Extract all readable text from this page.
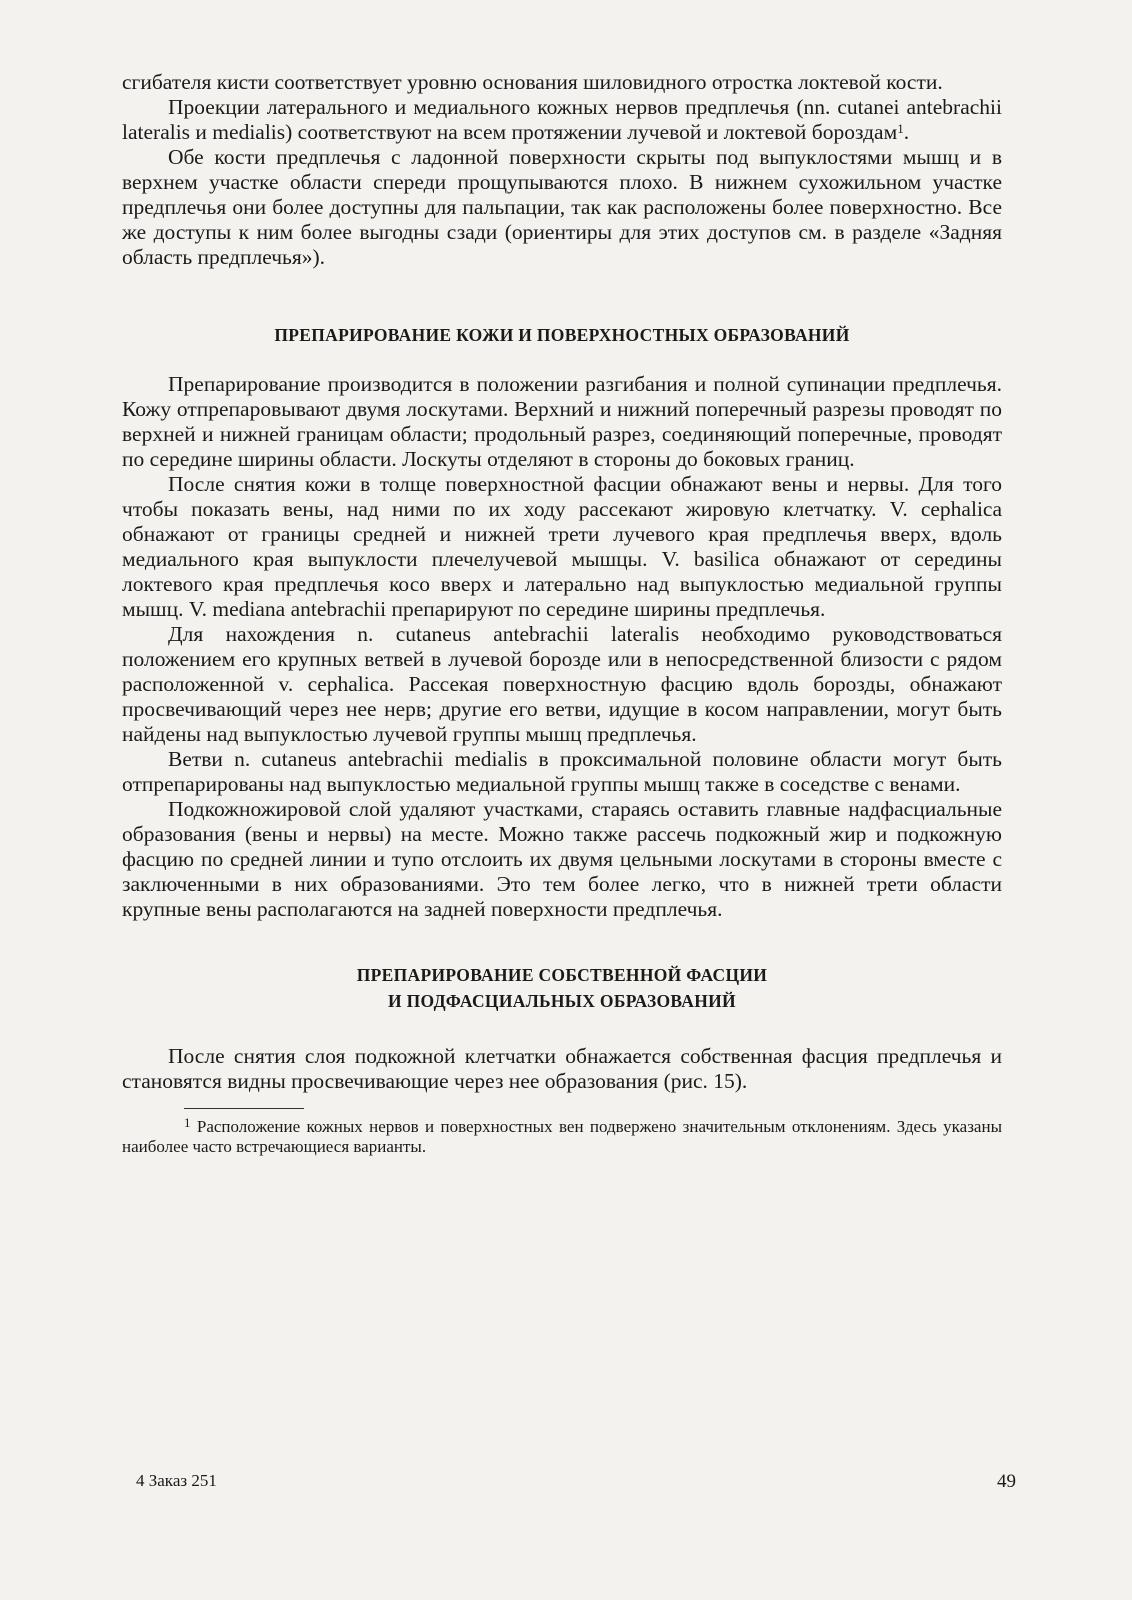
сгибателя кисти соответствует уровню основания шиловидного отростка локтевой кости.

Проекции латерального и медиального кожных нервов предплечья (nn. cutanei antebrachii lateralis и medialis) соответствуют на всем протяжении лучевой и локтевой бороздам$^1$.

Обе кости предплечья с ладонной поверхности скрыты под выпуклостями мышц и в верхнем участке области спереди прощупываются плохо. В нижнем сухожильном участке предплечья они более доступны для пальпации, так как расположены более поверхностно. Все же доступы к ним более выгодны сзади (ориентиры для этих доступов см. в разделе «Задняя область предплечья»).

ПРЕПАРИРОВАНИЕ КОЖИ И ПОВЕРХНОСТНЫХ ОБРАЗОВАНИЙ

Препарирование производится в положении разгибания и полной супинации предплечья. Кожу отпрепаровывают двумя лоскутами. Верхний и нижний поперечный разрезы проводят по верхней и нижней границам области; продольный разрез, соединяющий поперечные, проводят по середине ширины области. Лоскуты отделяют в стороны до боковых границ.

После снятия кожи в толще поверхностной фасции обнажают вены и нервы. Для того чтобы показать вены, над ними по их ходу рассекают жировую клетчатку. V. cephalica обнажают от границы средней и нижней трети лучевого края предплечья вверх, вдоль медиального края выпуклости плечелучевой мышцы. V. basilica обнажают от середины локтевого края предплечья косо вверх и латерально над выпуклостью медиальной группы мышц. V. mediana antebrachii препарируют по середине ширины предплечья.

Для нахождения n. cutaneus antebrachii lateralis необходимо руководствоваться положением его крупных ветвей в лучевой борозде или в непосредственной близости с рядом расположенной v. cephalica. Рассекая поверхностную фасцию вдоль борозды, обнажают просвечивающий через нее нерв; другие его ветви, идущие в косом направлении, могут быть найдены над выпуклостью лучевой группы мышц предплечья.

Ветви n. cutaneus antebrachii medialis в проксимальной половине области могут быть отпрепарированы над выпуклостью медиальной группы мышц также в соседстве с венами.

Подкожножировой слой удаляют участками, стараясь оставить главные надфасциальные образования (вены и нервы) на месте. Можно также рассечь подкожный жир и подкожную фасцию по средней линии и тупо отслоить их двумя цельными лоскутами в стороны вместе с заключенными в них образованиями. Это тем более легко, что в нижней трети области крупные вены располагаются на задней поверхности предплечья.

ПРЕПАРИРОВАНИЕ СОБСТВЕННОЙ ФАСЦИИ
И ПОДФАСЦИАЛЬНЫХ ОБРАЗОВАНИЙ

После снятия слоя подкожной клетчатки обнажается собственная фасция предплечья и становятся видны просвечивающие через нее образования (рис. 15).

$^1$ Расположение кожных нервов и поверхностных вен подвержено значительным отклонениям. Здесь указаны наиболее часто встречающиеся варианты.

4 Заказ 251	49
